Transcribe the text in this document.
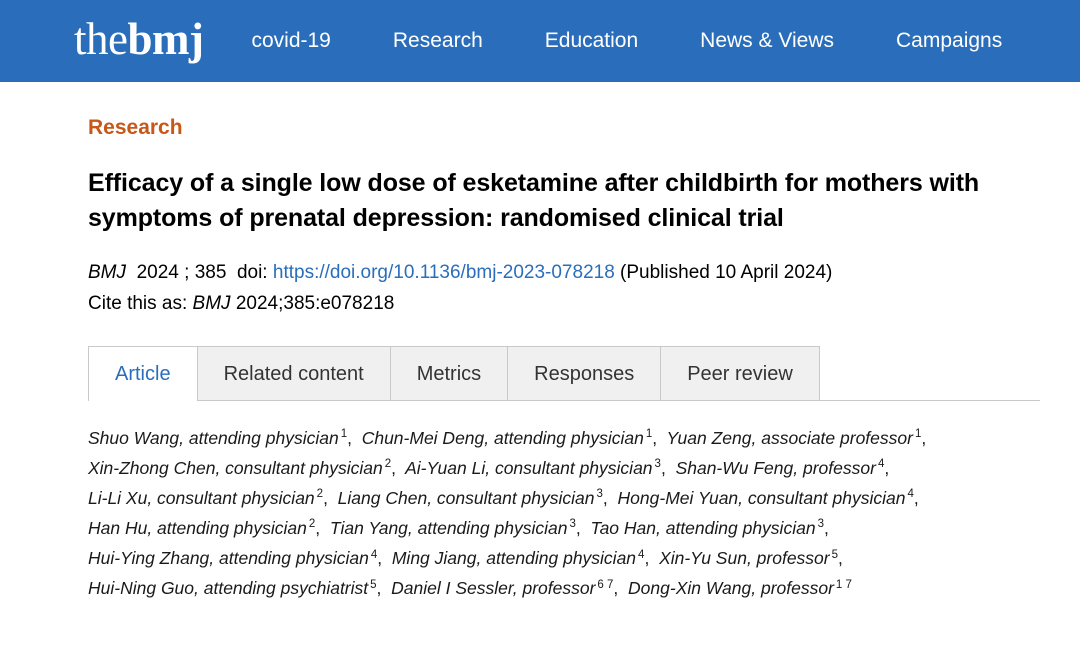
thebmj covid-19	Research	Education	News & Views	Campaigns
Research
Efficacy of a single low dose of esketamine after childbirth for mothers with symptoms of prenatal depression: randomised clinical trial

BMJ 2024 ; 385 doi: https://doi.org/10.1136/bmj-2023-078218 (Published 10 April 2024)

Cite this as: BMJ 2024;385:e078218

Article	Related content	Metrics	Responses	Peer review
Shuo Wang, attending physician $^1$, Chun-Mei Deng, attending physician $^1$, Yuan Zeng, associate professor $^1$,  Xin-Zhong Chen, consultant physician $^2$, Ai-Yuan Li, consultant physician $^3$, Shan-Wu Feng, professor $^4$,  Li-Li Xu, consultant physician $^2$, Liang Chen, consultant physician $^3$, Hong-Mei Yuan, consultant physician $^4$,  Han Hu, attending physician $^2$, Tian Yang, attending physician $^3$, Tao Han, attending physician $^3$,  Hui-Ying Zhang, attending physician $^4$, Ming Jiang, attending physician $^4$, Xin-Yu Sun, professor $^5$,  Hui-Ning Guo, attending psychiatrist $^5$, Daniel I Sessler, professor $^{6 7}$, Dong-Xin Wang, professor $^{1 7}$
